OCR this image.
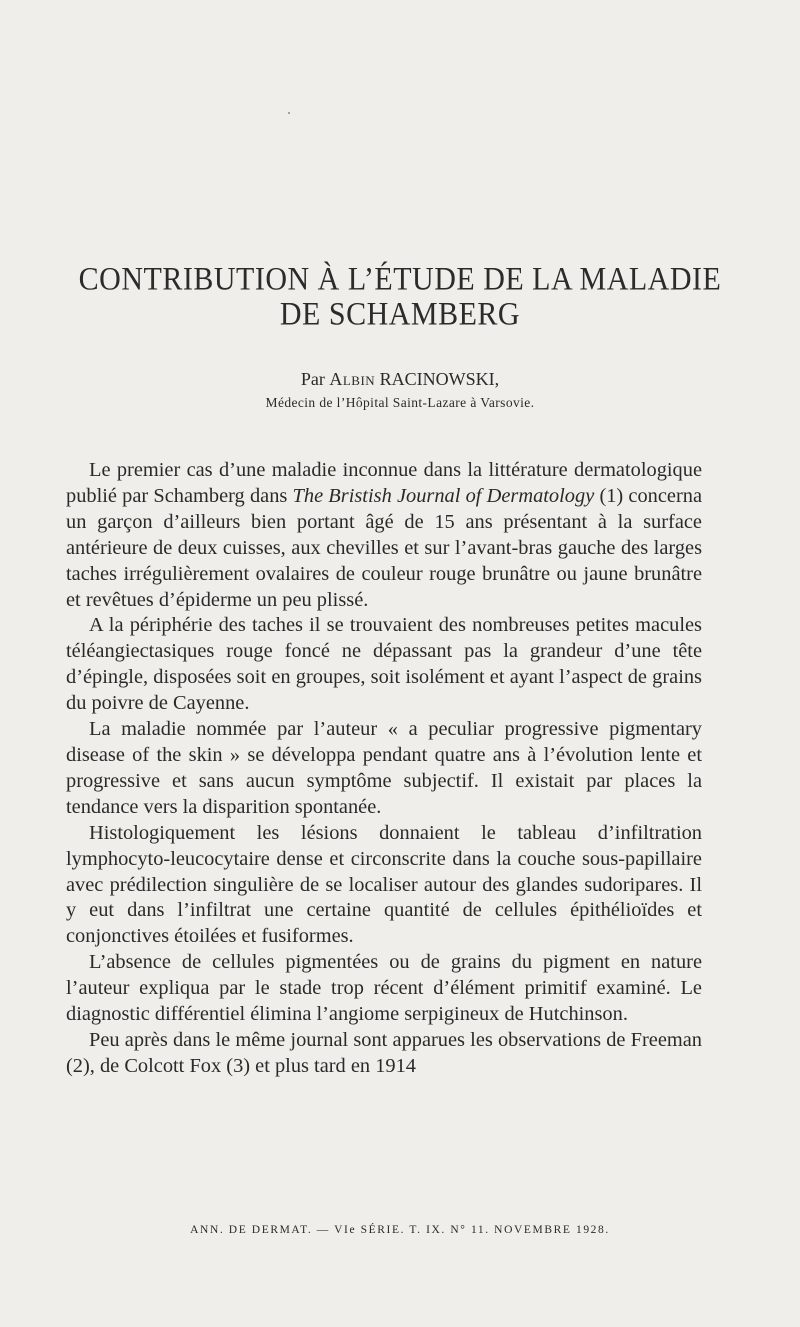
CONTRIBUTION À L’ÉTUDE DE LA MALADIE
DE SCHAMBERG
Par Albin RACINOWSKI,
Médecin de l’Hôpital Saint-Lazare à Varsovie.

Le premier cas d’une maladie inconnue dans la littérature dermatologique publié par Schamberg dans The Bristish Journal of Dermatology (1) concerna un garçon d’ailleurs bien portant âgé de 15 ans présentant à la surface antérieure de deux cuisses, aux chevilles et sur l’avant-bras gauche des larges taches irrégulièrement ovalaires de couleur rouge brunâtre ou jaune brunâtre et revêtues d’épiderme un peu plissé.

A la périphérie des taches il se trouvaient des nombreuses petites macules téléangiectasiques rouge foncé ne dépassant pas la grandeur d’une tête d’épingle, disposées soit en groupes, soit isolément et ayant l’aspect de grains du poivre de Cayenne.

La maladie nommée par l’auteur « a peculiar progressive pigmentary disease of the skin » se développa pendant quatre ans à l’évolution lente et progressive et sans aucun symptôme subjectif. Il existait par places la tendance vers la disparition spontanée.

Histologiquement les lésions donnaient le tableau d’infiltration lymphocyto-leucocytaire dense et circonscrite dans la couche sous-papillaire avec prédilection singulière de se localiser autour des glandes sudoripares. Il y eut dans l’infiltrat une certaine quantité de cellules épithélioïdes et conjonctives étoilées et fusiformes.

L’absence de cellules pigmentées ou de grains du pigment en nature l’auteur expliqua par le stade trop récent d’élément primitif examiné. Le diagnostic différentiel élimina l’angiome serpigineux de Hutchinson.

Peu après dans le même journal sont apparues les observations de Freeman (2), de Colcott Fox (3) et plus tard en 1914

ANN. DE DERMAT. — VIe SÉRIE. T. IX. N° 11. NOVEMBRE 1928.
